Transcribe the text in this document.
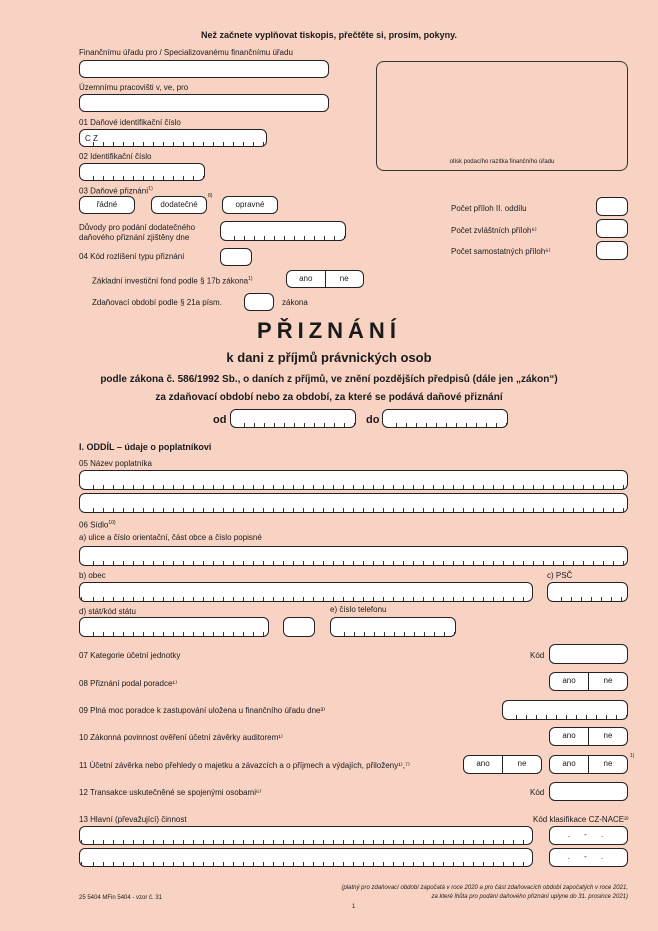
Než začnete vyplňovat tiskopis, přečtěte si, prosím, pokyny.
Finančnímu úřadu pro / Specializovanému finančnímu úřadu
Územnímu pracovišti v, ve, pro
01 Daňové identifikační číslo
C Z
02 Identifikační číslo
03 Daňové přiznání$^{1)}$
řádné	dodatečné
8)
opravné
Důvody pro podání dodatečného
daňového přiznání zjištěny dne
04 Kód rozlišení typu přiznání
otisk podacího razítka finančního úřadu
Počet příloh II. oddílu
Počet zvláštních příloh⁶⁾
Počet samostatných příloh⁶⁾
Základní investiční fond podle § 17b zákona$^{1)}$	ano	ne
Zdaňovací období podle § 21a písm.	zákona
PŘIZNÁNÍ
k dani z příjmů právnických osob
podle zákona č. 586/1992 Sb., o daních z příjmů, ve znění pozdějších předpisů (dále jen „zákon“)
za zdaňovací období nebo za období, za které se podává daňové přiznání
od	do
I. ODDÍL – údaje o poplatníkovi
05 Název poplatníka
06 Sídlo$^{10)}$
a) ulice a číslo orientační, část obce a číslo popisné
b) obec	c) PSČ
d) stát/kód státu	e) číslo telefonu
07 Kategorie účetní jednotky	Kód
08 Přiznání podal poradce¹⁾	ano	ne
09 Plná moc poradce k zastupování uložena u finančního úřadu dne³⁾
10 Zákonná povinnost ověření účetní závěrky auditorem¹⁾	ano	ne
11 Účetní závěrka nebo přehledy o majetku a závazcích a o příjmech a výdajích, přiloženy¹⁾,⁷⁾	ano	ne	ano	ne
1)
12 Transakce uskutečněné se spojenými osobami⁶⁾	Kód
13 Hlavní (převažující) činnost	Kód klasifikace CZ-NACE³⁾
. - .
. - .
25 5404 MFin 5404 - vzor č. 31
(platný pro zdaňovací období započatá v roce 2020 a pro část zdaňovacích období započatých v roce 2021,
za které lhůta pro podání daňového přiznání uplyne do 31. prosince 2021)
1
